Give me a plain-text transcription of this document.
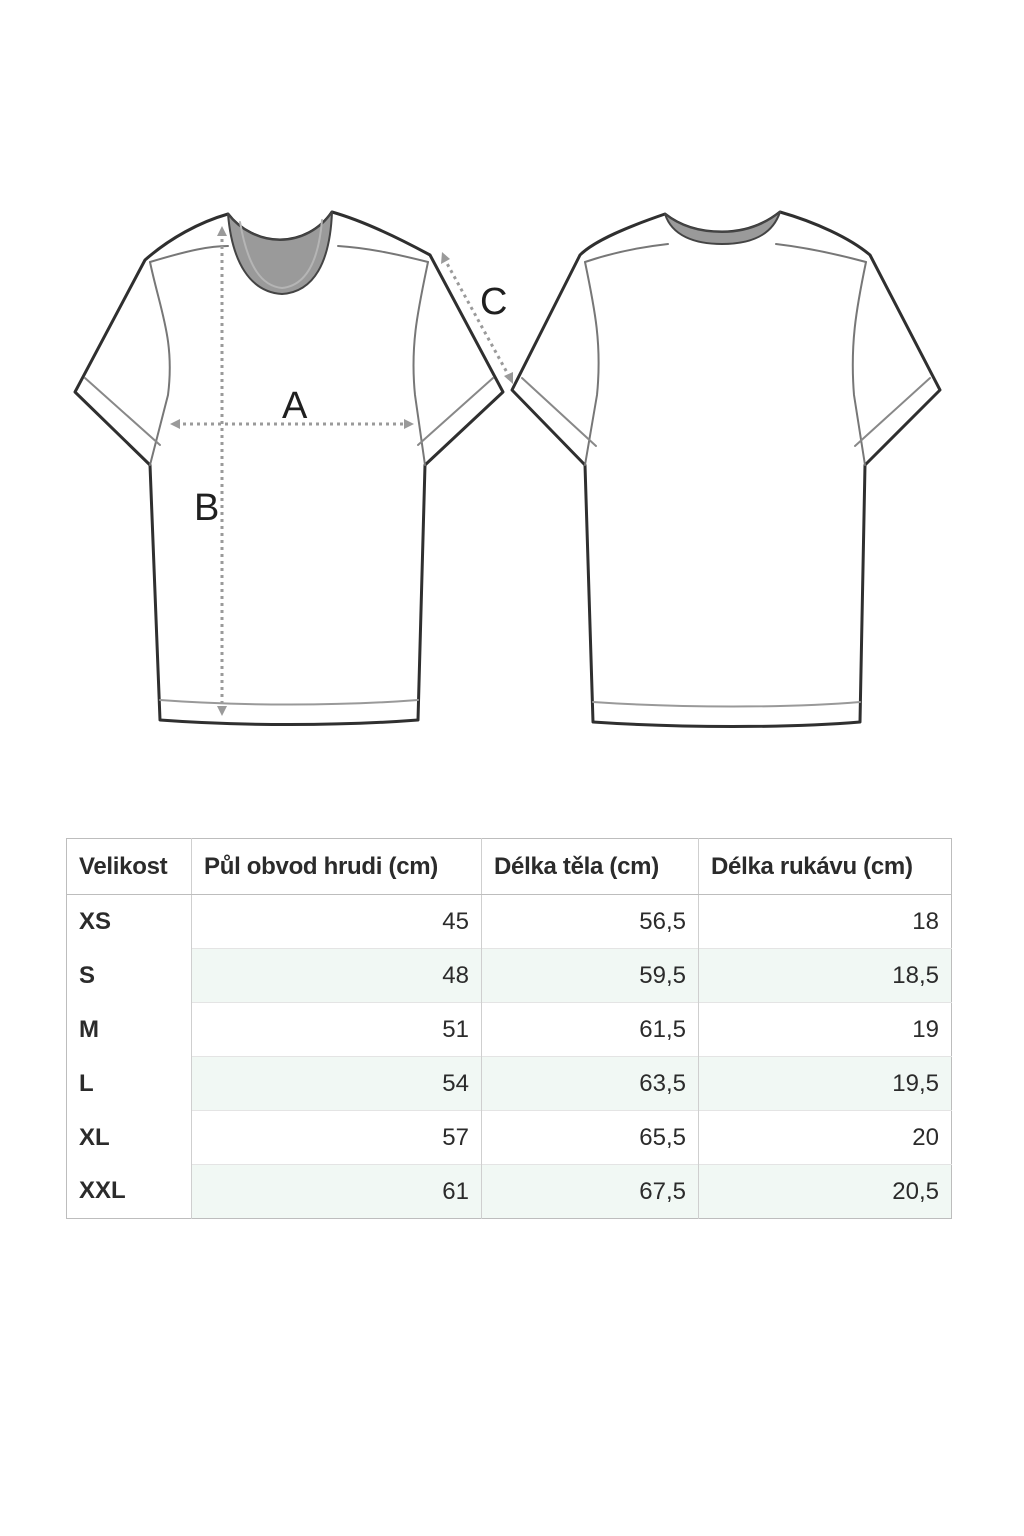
A
B
C
Velikost	Půl obvod hrudi (cm)	Délka těla (cm)	Délka rukávu (cm)
XS	45	56,5	18
S	48	59,5	18,5
M	51	61,5	19
L	54	63,5	19,5
XL	57	65,5	20
XXL	61	67,5	20,5
